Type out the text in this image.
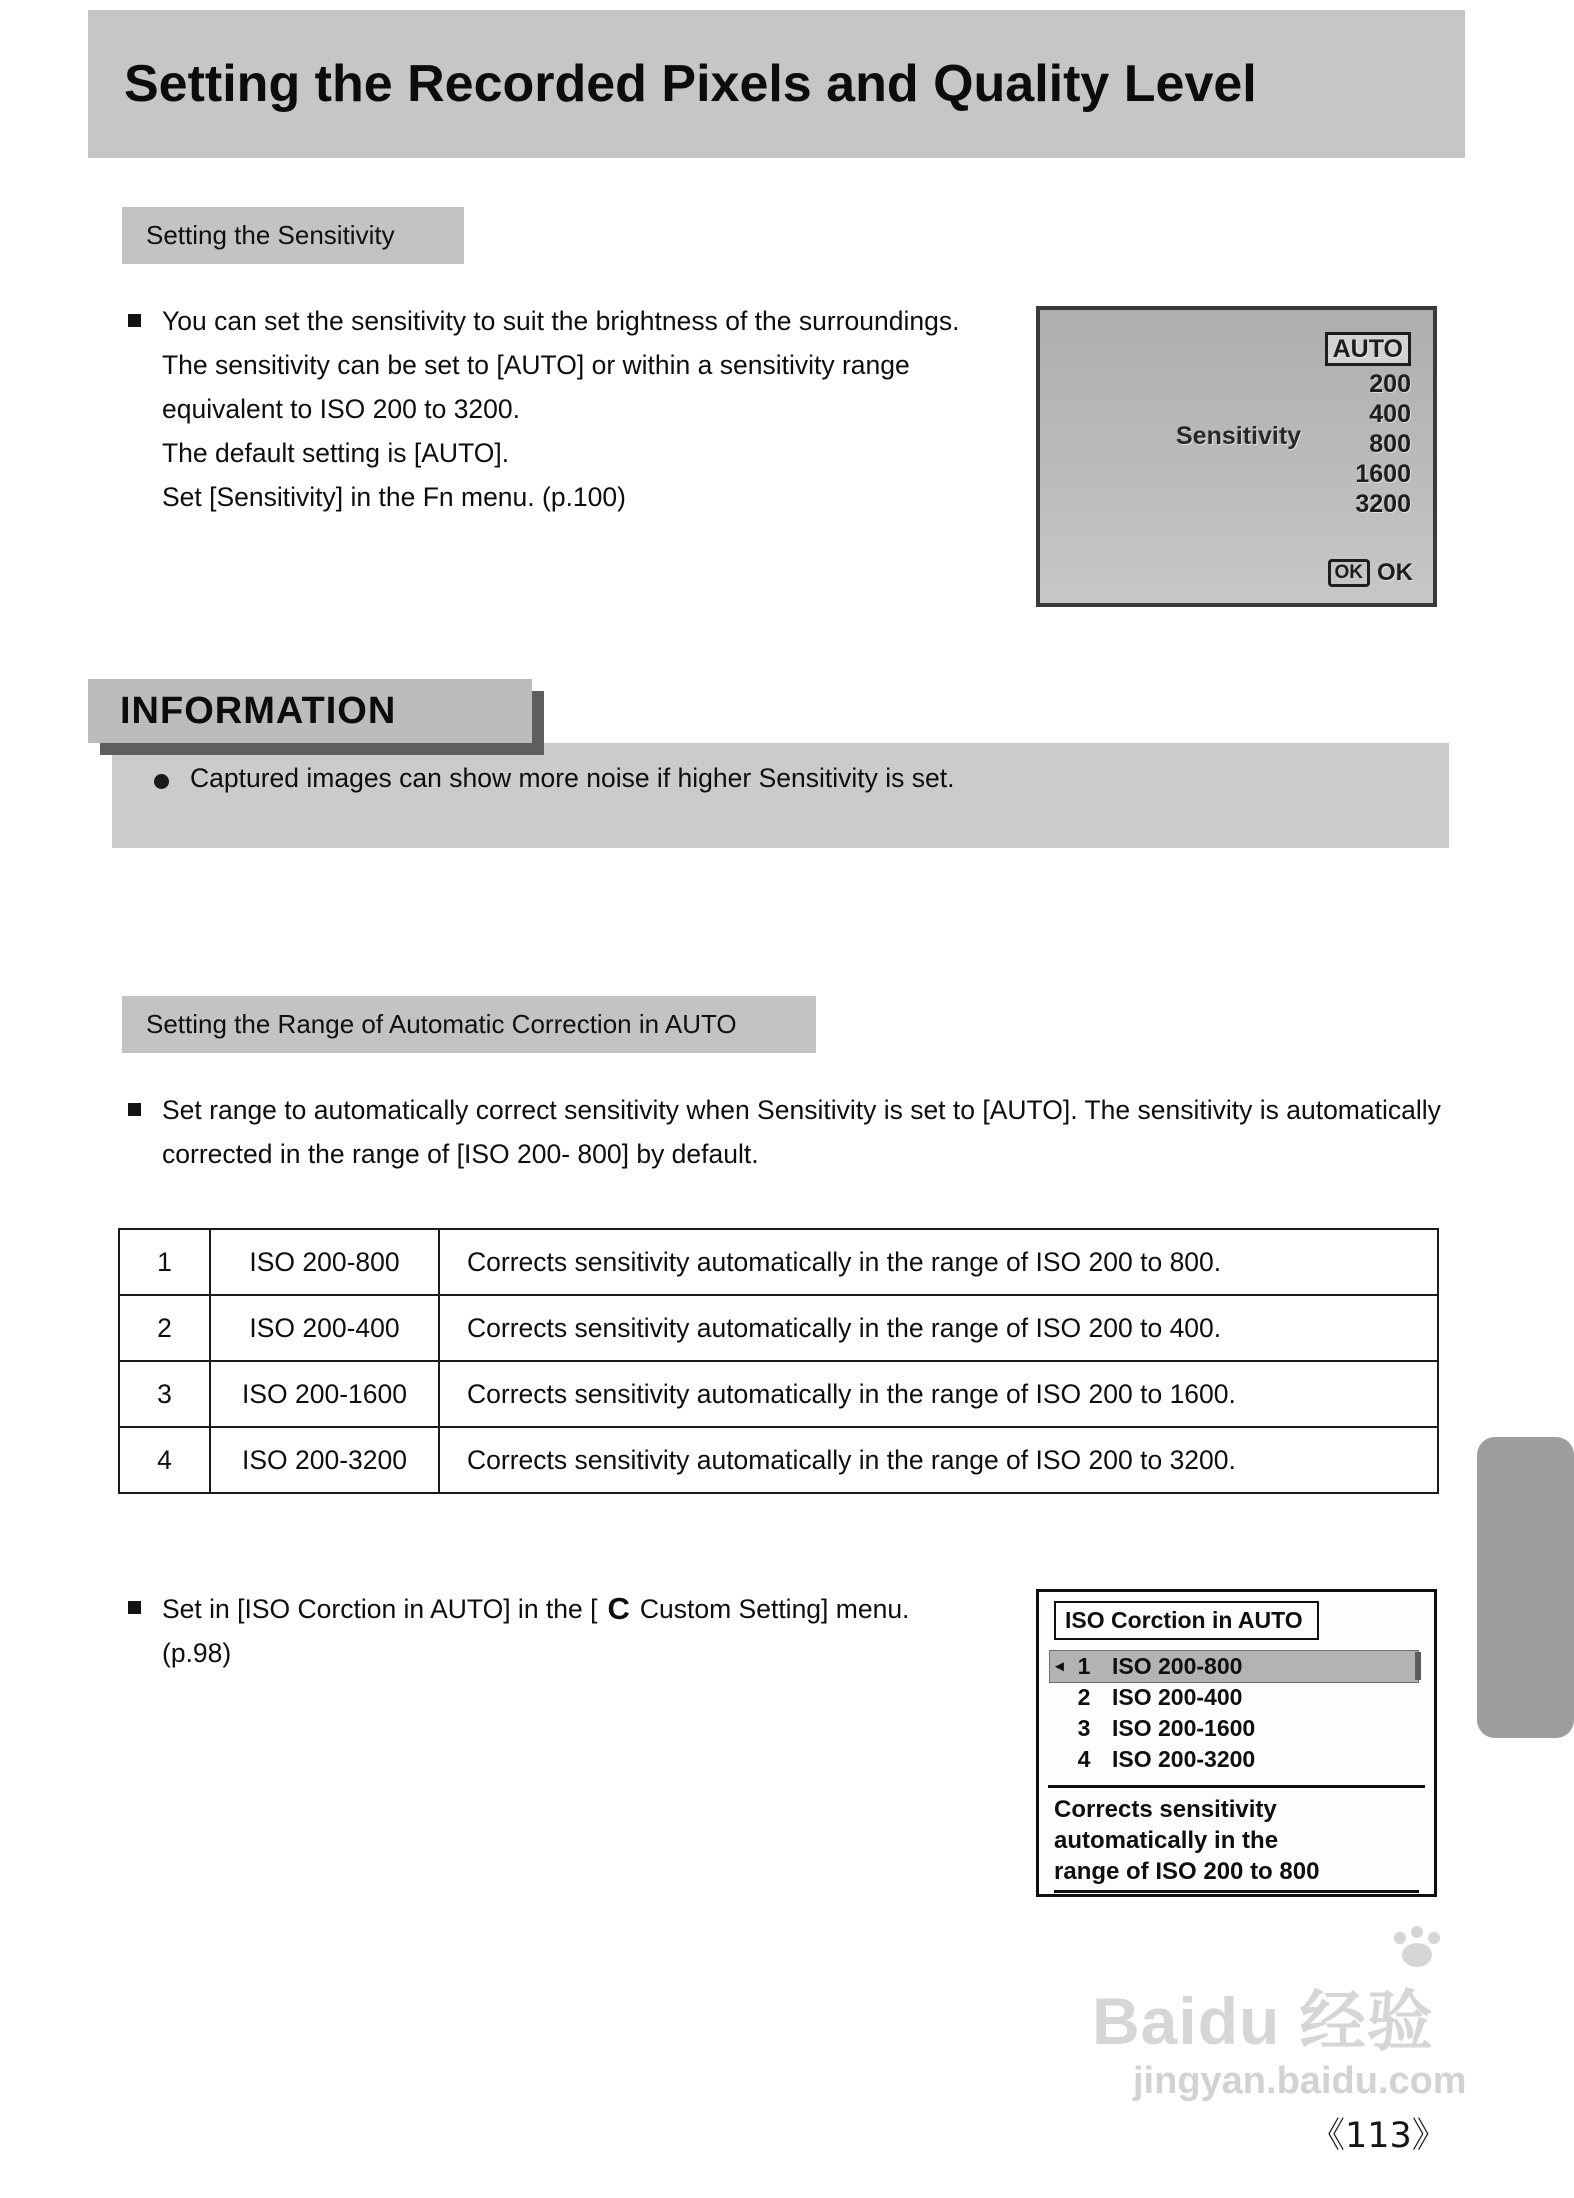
Setting the Recorded Pixels and Quality Level
Setting the Sensitivity

You can set the sensitivity to suit the brightness of the surroundings. The sensitivity can be set to [AUTO] or within a sensitivity range equivalent to ISO 200 to 3200.

The default setting is [AUTO].

Set [Sensitivity] in the Fn menu. (p.100)

Sensitivity
AUTO
200
400
800
1600
3200
OK OK
Captured images can show more noise if higher Sensitivity is set.
INFORMATION
Setting the Range of Automatic Correction in AUTO

Set range to automatically correct sensitivity when Sensitivity is set to [AUTO]. The sensitivity is automatically corrected in the range of [ISO 200- 800] by default.

1	ISO 200-800	Corrects sensitivity automatically in the range of ISO 200 to 800.
2	ISO 200-400	Corrects sensitivity automatically in the range of ISO 200 to 400.
3	ISO 200-1600	Corrects sensitivity automatically in the range of ISO 200 to 1600.
4	ISO 200-3200	Corrects sensitivity automatically in the range of ISO 200 to 3200.

Set in [ISO Corction in AUTO] in the [ C Custom Setting] menu.

(p.98)

ISO Corction in AUTO
◄ 1 ISO 200-800
2 ISO 200-400
3 ISO 200-1600
4 ISO 200-3200
Corrects sensitivity
automatically in the
range of ISO 200 to 800
Baidu 经验
jingyan.baidu.com
《113》
